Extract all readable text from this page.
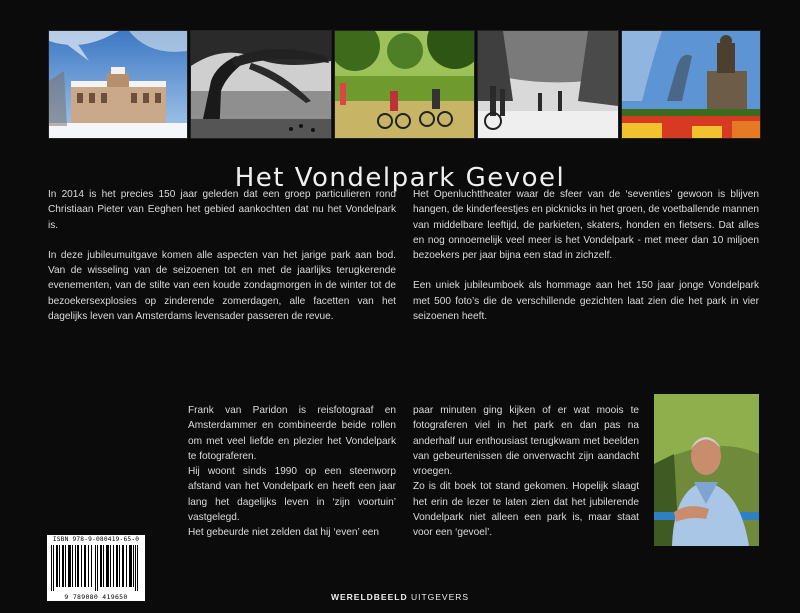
Het Vondelpark Gevoel

In 2014 is het precies 150 jaar geleden dat een groep particulieren rond Christiaan Pieter van Eeghen het gebied aankochten dat nu het Vondelpark is.

In deze jubileumuitgave komen alle aspecten van het jarige park aan bod. Van de wisseling van de seizoenen tot en met de jaarlijks terugkerende evenementen, van de stilte van een koude zondagmorgen in de winter tot de bezoekersexplosies op zinderende zomerdagen, alle facetten van het dagelijks leven van Amsterdams levensader passeren de revue.

Het Openluchttheater waar de sfeer van de ‘seventies’ gewoon is blijven hangen, de kinderfeestjes en picknicks in het groen, de voetballende mannen van middelbare leeftijd, de parkieten, skaters, honden en fietsers. Dat alles en nog onnoemelijk veel meer is het Vondelpark - met meer dan 10 miljoen bezoekers per jaar bijna een stad in zichzelf.

Een uniek jubileumboek als hommage aan het 150 jaar jonge Vondelpark met 500 foto’s die de verschillende gezichten laat zien die het park in vier seizoenen heeft.

Frank van Paridon is reisfotograaf en Amsterdammer en combineerde beide rollen om met veel liefde en plezier het Vondelpark te fotograferen.

Hij woont sinds 1990 op een steenworp afstand van het Vondelpark en heeft een jaar lang het dagelijks leven in ‘zijn voortuin’ vastgelegd.

Het gebeurde niet zelden dat hij ‘even’ een

paar minuten ging kijken of er wat moois te fotograferen viel in het park en dan pas na anderhalf uur enthousiast terugkwam met beelden van gebeurtenissen die onverwacht zijn aandacht vroegen.

Zo is dit boek tot stand gekomen. Hopelijk slaagt het erin de lezer te laten zien dat het jubilerende Vondelpark niet alleen een park is, maar staat voor een ‘gevoel’.

ISBN 978-9-080419-65-0
9 789080 419650	WERELDBEELD UITGEVERS
